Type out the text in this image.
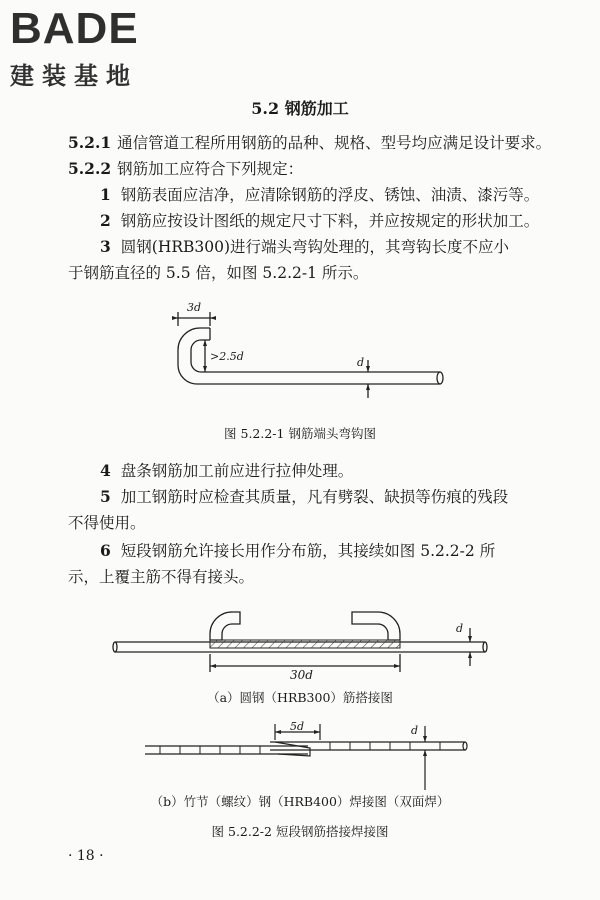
BADE
建装基地
5.2 钢筋加工
5.2.1 通信管道工程所用钢筋的品种、规格、型号均应满足设计要求。
5.2.2 钢筋加工应符合下列规定：
1 钢筋表面应洁净，应清除钢筋的浮皮、锈蚀、油渍、漆污等。
2 钢筋应按设计图纸的规定尺寸下料，并应按规定的形状加工。
3 圆钢(HRB300)进行端头弯钩处理的，其弯钩长度不应小
于钢筋直径的 5.5 倍，如图 5.2.2-1 所示。
3d
>2.5d	d
图 5.2.2-1 钢筋端头弯钩图
4 盘条钢筋加工前应进行拉伸处理。
5 加工钢筋时应检查其质量，凡有劈裂、缺损等伤痕的残段
不得使用。
6 短段钢筋允许接长用作分布筋，其接续如图 5.2.2-2 所
示，上覆主筋不得有接头。
d
30d
（a）圆钢（HRB300）筋搭接图
5d	d
（b）竹节（螺纹）钢（HRB400）焊接图（双面焊）
图 5.2.2-2 短段钢筋搭接焊接图
· 18 ·
